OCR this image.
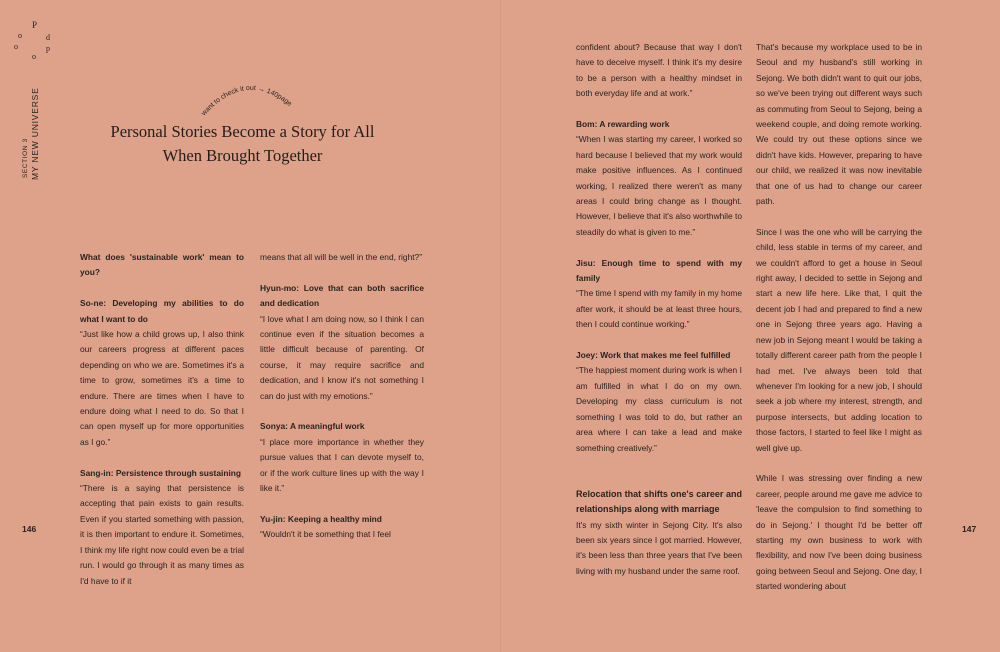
P
o	d
o	p
o
SECTION 3 MY NEW UNIVERSE	want to check it out → 140page
Personal Stories Become a Story for All When Brought Together

What does 'sustainable work' mean to you?

So-ne: Developing my abilities to do what I want to do

“Just like how a child grows up, I also think our careers progress at different paces depending on who we are. Sometimes it's a time to grow, sometimes it's a time to endure. There are times when I have to endure doing what I need to do. So that I can open myself up for more opportunities as I go.”

Sang-in: Persistence through sustaining

“There is a saying that persistence is accepting that pain exists to gain results. Even if you started something with passion, it is then important to endure it. Sometimes, I think my life right now could even be a trial run. I would go through it as many times as I'd have to if it

means that all will be well in the end, right?”

Hyun-mo: Love that can both sacrifice and dedication

“I love what I am doing now, so I think I can continue even if the situation becomes a little difficult because of parenting. Of course, it may require sacrifice and dedication, and I know it's not something I can do just with my emotions.”

Sonya: A meaningful work

“I place more importance in whether they pursue values that I can devote myself to, or if the work culture lines up with the way I like it.”

Yu-jin: Keeping a healthy mind

“Wouldn't it be something that I feel

confident about? Because that way I don't have to deceive myself. I think it's my desire to be a person with a healthy mindset in both everyday life and at work.”

Bom: A rewarding work

“When I was starting my career, I worked so hard because I believed that my work would make positive influences. As I continued working, I realized there weren't as many areas I could bring change as I thought. However, I believe that it's also worthwhile to steadily do what is given to me.”

Jisu: Enough time to spend with my family

“The time I spend with my family in my home after work, it should be at least three hours, then I could continue working.”

Joey: Work that makes me feel fulfilled

“The happiest moment during work is when I am fulfilled in what I do on my own. Developing my class curriculum is not something I was told to do, but rather an area where I can take a lead and make something creatively.”

Relocation that shifts one's career and relationships along with marriage

It's my sixth winter in Sejong City. It's also been six years since I got married. However, it's been less than three years that I've been living with my husband under the same roof.

That's because my workplace used to be in Seoul and my husband's still working in Sejong. We both didn't want to quit our jobs, so we've been trying out different ways such as commuting from Seoul to Sejong, being a weekend couple, and doing remote working. We could try out these options since we didn't have kids. However, preparing to have our child, we realized it was now inevitable that one of us had to change our career path.

Since I was the one who will be carrying the child, less stable in terms of my career, and we couldn't afford to get a house in Seoul right away, I decided to settle in Sejong and start a new life here. Like that, I quit the decent job I had and prepared to find a new one in Sejong three years ago. Having a new job in Sejong meant I would be taking a totally different career path from the people I had met. I've always been told that whenever I'm looking for a new job, I should seek a job where my interest, strength, and purpose intersects, but adding location to those factors, I started to feel like I might as well give up.

While I was stressing over finding a new career, people around me gave me advice to 'leave the compulsion to find something to do in Sejong.' I thought I'd be better off starting my own business to work with flexibility, and now I've been doing business going between Seoul and Sejong. One day, I started wondering about

146	147
